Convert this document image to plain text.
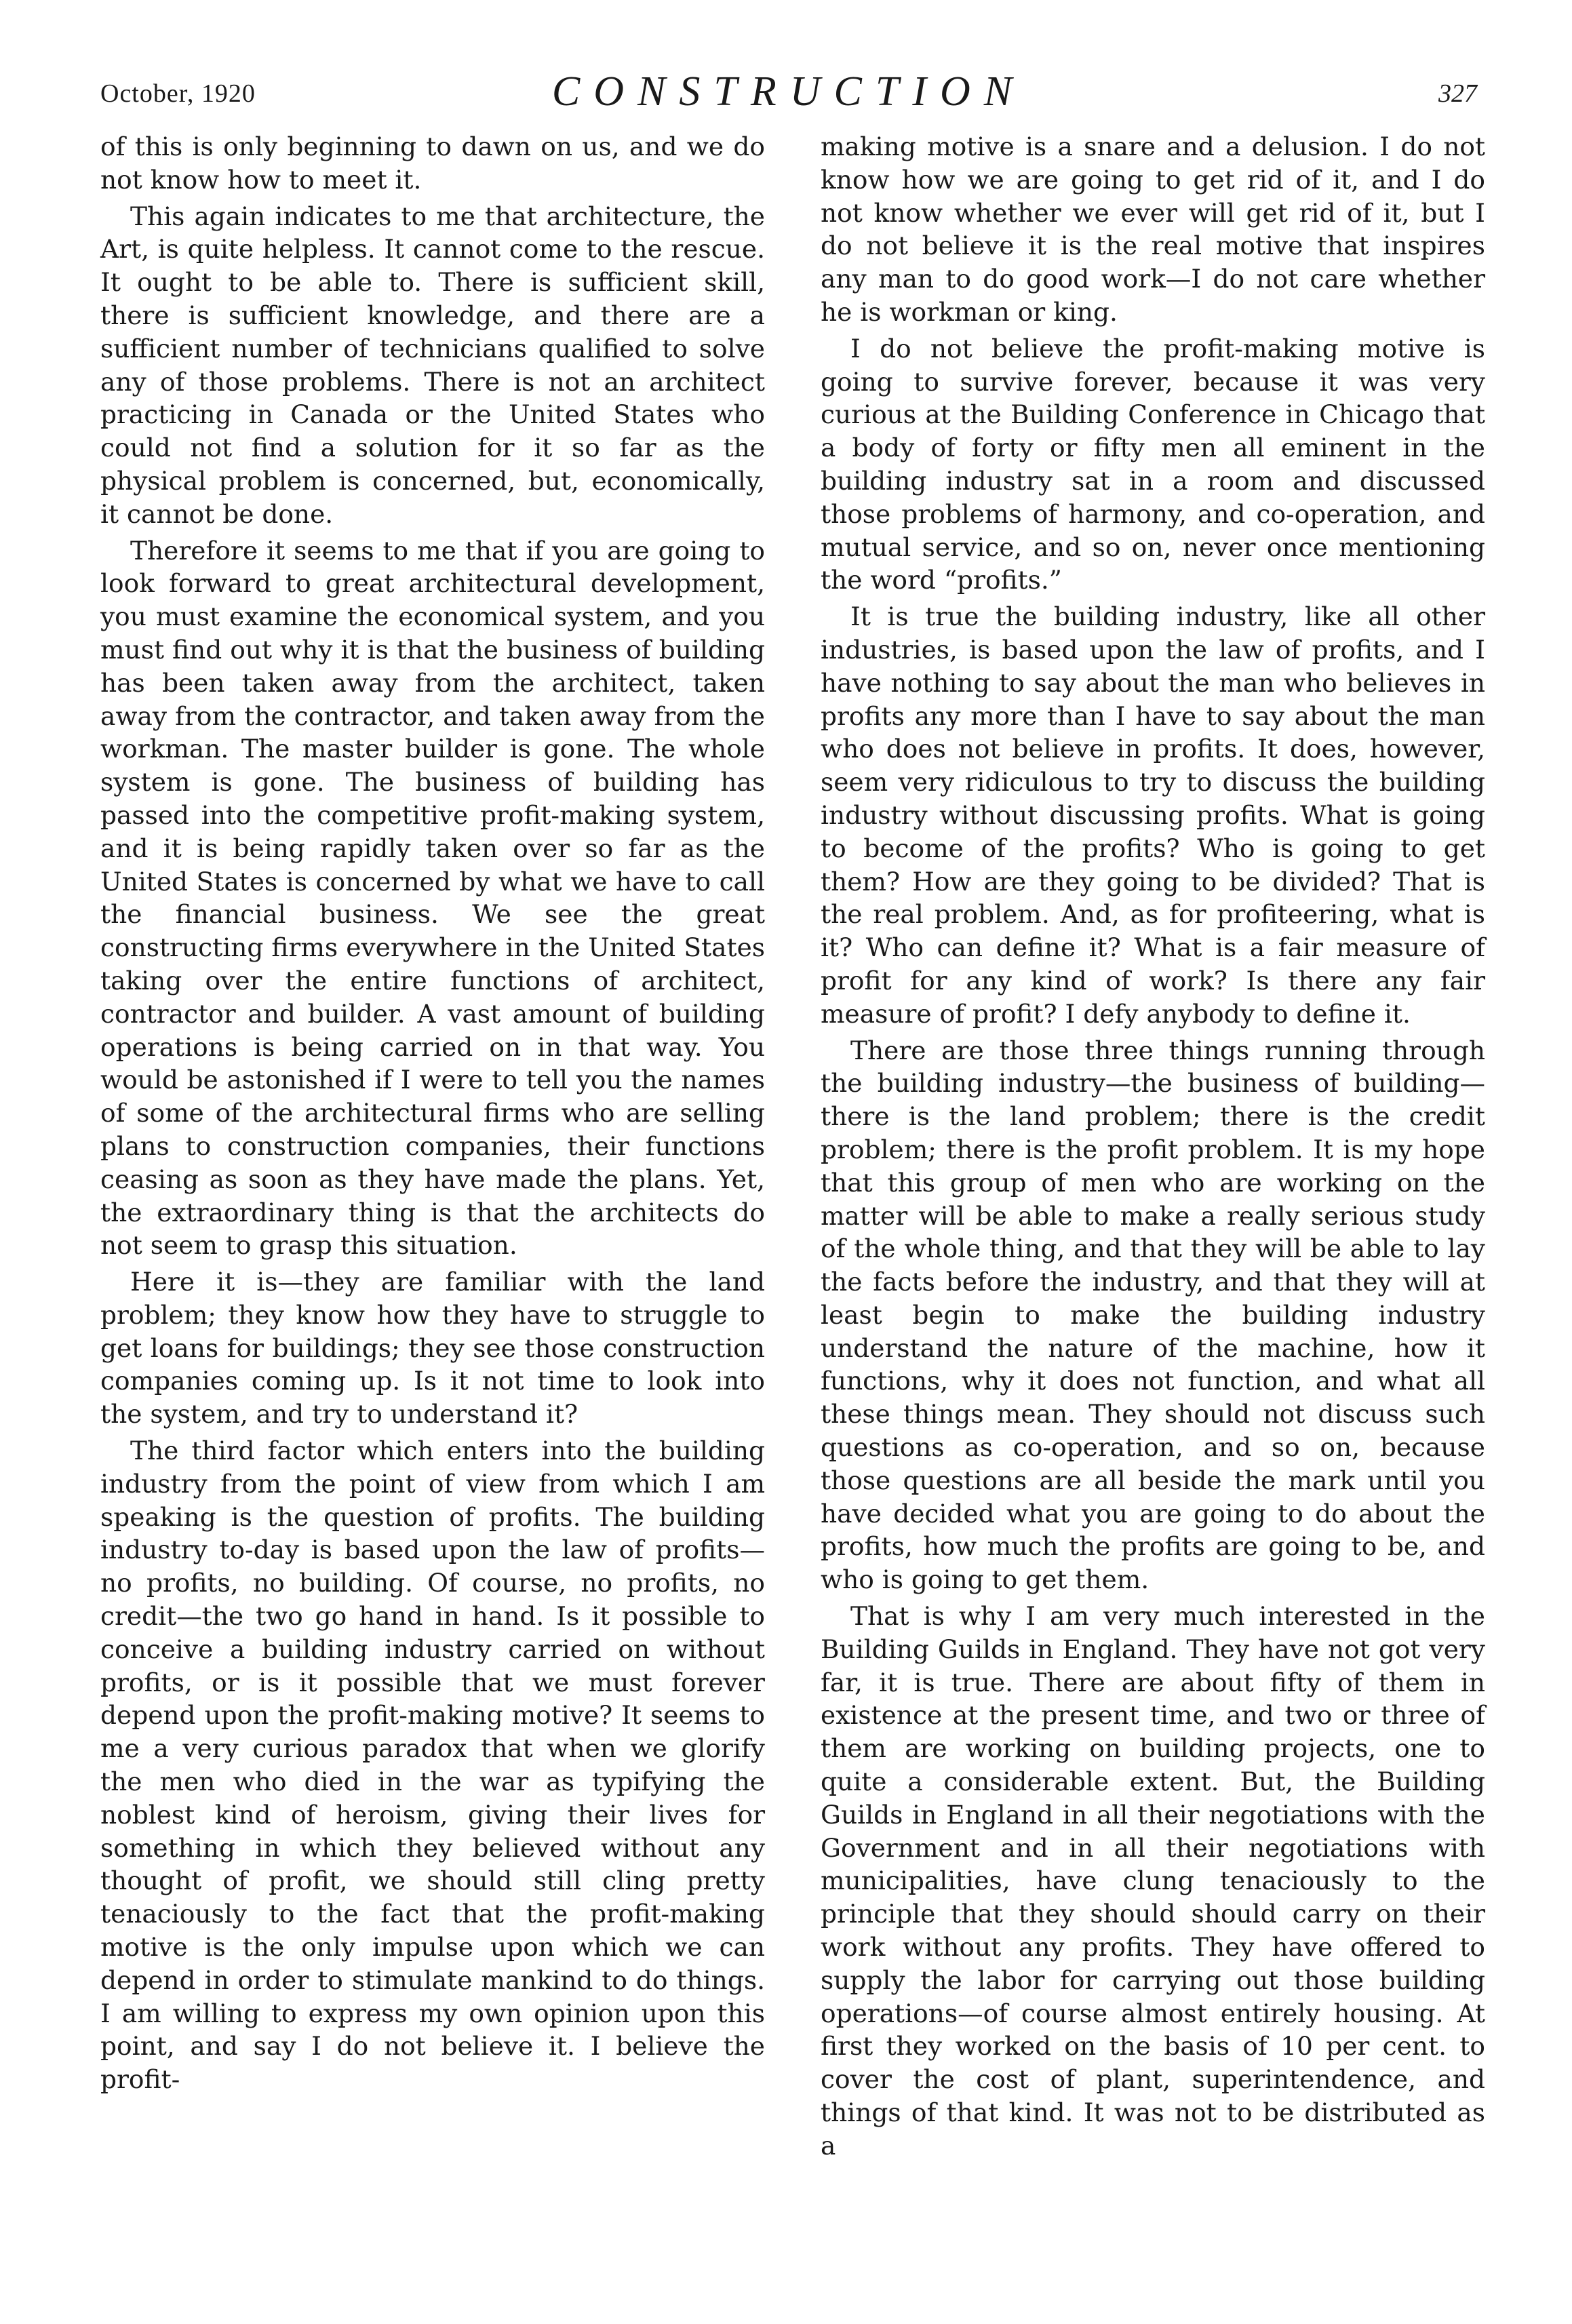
October, 1920	CONSTRUCTION	327

of this is only beginning to dawn on us, and we do not know how to meet it.

This again indicates to me that architecture, the Art, is quite helpless. It cannot come to the rescue. It ought to be able to. There is sufficient skill, there is sufficient knowledge, and there are a sufficient number of technicians qualified to solve any of those problems. There is not an architect practicing in Canada or the United States who could not find a solution for it so far as the physical problem is concerned, but, economically, it cannot be done.

Therefore it seems to me that if you are going to look forward to great architectural development, you must examine the economical system, and you must find out why it is that the business of building has been taken away from the architect, taken away from the contractor, and taken away from the workman. The master builder is gone. The whole system is gone. The business of building has passed into the competitive profit-making system, and it is being rapidly taken over so far as the United States is concerned by what we have to call the financial business. We see the great constructing firms everywhere in the United States taking over the entire functions of architect, contractor and builder. A vast amount of building operations is being carried on in that way. You would be astonished if I were to tell you the names of some of the architectural firms who are selling plans to construction companies, their functions ceasing as soon as they have made the plans. Yet, the extraordinary thing is that the architects do not seem to grasp this situation.

Here it is—they are familiar with the land problem; they know how they have to struggle to get loans for buildings; they see those construction companies coming up. Is it not time to look into the system, and try to understand it?

The third factor which enters into the building industry from the point of view from which I am speaking is the question of profits. The building industry to-day is based upon the law of profits—no profits, no building. Of course, no profits, no credit—the two go hand in hand. Is it possible to conceive a building industry carried on without profits, or is it possible that we must forever depend upon the profit-making motive? It seems to me a very curious paradox that when we glorify the men who died in the war as typifying the noblest kind of heroism, giving their lives for something in which they believed without any thought of profit, we should still cling pretty tenaciously to the fact that the profit-making motive is the only impulse upon which we can depend in order to stimulate mankind to do things. I am willing to express my own opinion upon this point, and say I do not believe it. I believe the profit-

making motive is a snare and a delusion. I do not know how we are going to get rid of it, and I do not know whether we ever will get rid of it, but I do not believe it is the real motive that inspires any man to do good work—I do not care whether he is workman or king.

I do not believe the profit-making motive is going to survive forever, because it was very curious at the Building Conference in Chicago that a body of forty or fifty men all eminent in the building industry sat in a room and discussed those problems of harmony, and co-operation, and mutual service, and so on, never once mentioning the word “profits.”

It is true the building industry, like all other industries, is based upon the law of profits, and I have nothing to say about the man who believes in profits any more than I have to say about the man who does not believe in profits. It does, however, seem very ridiculous to try to discuss the building industry without discussing profits. What is going to become of the profits? Who is going to get them? How are they going to be divided? That is the real problem. And, as for profiteering, what is it? Who can define it? What is a fair measure of profit for any kind of work? Is there any fair measure of profit? I defy anybody to define it.

There are those three things running through the building industry—the business of building—there is the land problem; there is the credit problem; there is the profit problem. It is my hope that this group of men who are working on the matter will be able to make a really serious study of the whole thing, and that they will be able to lay the facts before the industry, and that they will at least begin to make the building industry understand the nature of the machine, how it functions, why it does not function, and what all these things mean. They should not discuss such questions as co-operation, and so on, because those questions are all beside the mark until you have decided what you are going to do about the profits, how much the profits are going to be, and who is going to get them.

That is why I am very much interested in the Building Guilds in England. They have not got very far, it is true. There are about fifty of them in existence at the present time, and two or three of them are working on building projects, one to quite a considerable extent. But, the Building Guilds in England in all their negotiations with the Government and in all their negotiations with municipalities, have clung tenaciously to the principle that they should should carry on their work without any profits. They have offered to supply the labor for carrying out those building operations—of course almost entirely housing. At first they worked on the basis of 10 per cent. to cover the cost of plant, superintendence, and things of that kind. It was not to be distributed as a
